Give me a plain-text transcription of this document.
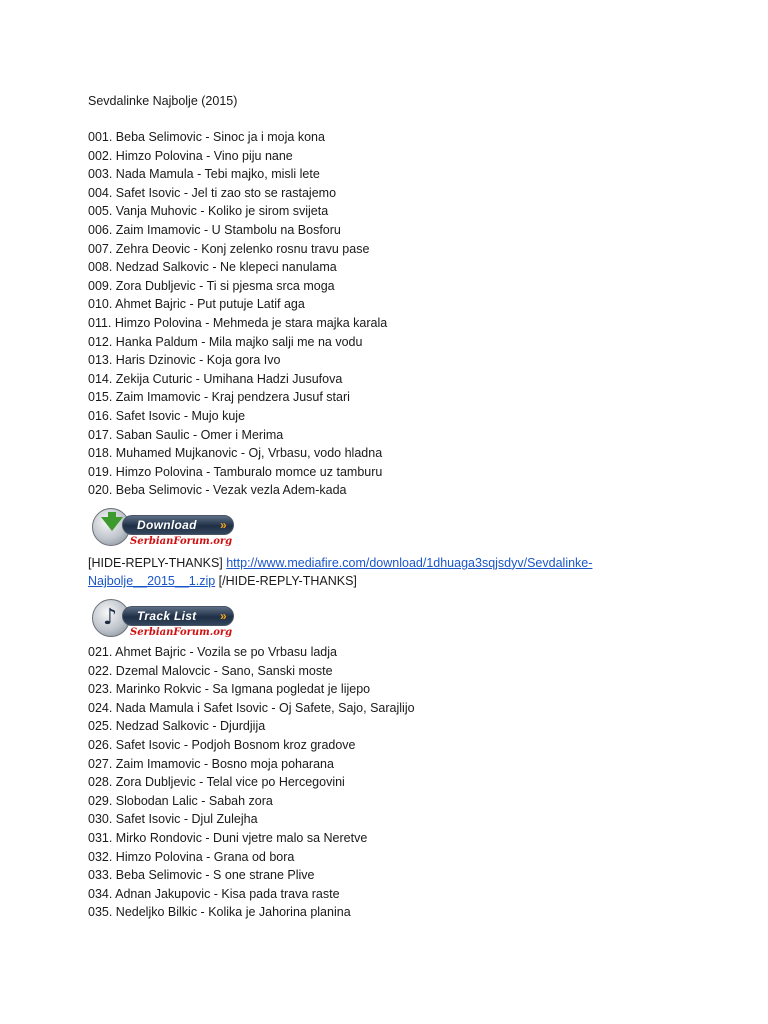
Sevdalinke Najbolje (2015)
001. Beba Selimovic - Sinoc ja i moja kona
002. Himzo Polovina - Vino piju nane
003. Nada Mamula - Tebi majko, misli lete
004. Safet Isovic - Jel ti zao sto se rastajemo
005. Vanja Muhovic - Koliko je sirom svijeta
006. Zaim Imamovic - U Stambolu na Bosforu
007. Zehra Deovic - Konj zelenko rosnu travu pase
008. Nedzad Salkovic - Ne klepeci nanulama
009. Zora Dubljevic - Ti si pjesma srca moga
010. Ahmet Bajric - Put putuje Latif aga
011. Himzo Polovina - Mehmeda je stara majka karala
012. Hanka Paldum - Mila majko salji me na vodu
013. Haris Dzinovic - Koja gora Ivo
014. Zekija Cuturic - Umihana Hadzi Jusufova
015. Zaim Imamovic - Kraj pendzera Jusuf stari
016. Safet Isovic - Mujo kuje
017. Saban Saulic - Omer i Merima
018. Muhamed Mujkanovic - Oj, Vrbasu, vodo hladna
019. Himzo Polovina - Tamburalo momce uz tamburu
020. Beba Selimovic - Vezak vezla Adem-kada
Download »
SerbianForum.org
[HIDE-REPLY-THANKS] http://www.mediafire.com/download/1dhuaga3sqjsdyv/Sevdalinke-Najbolje__2015__1.zip [/HIDE-REPLY-THANKS]
♪	Track List »
SerbianForum.org
021. Ahmet Bajric - Vozila se po Vrbasu ladja
022. Dzemal Malovcic - Sano, Sanski moste
023. Marinko Rokvic - Sa Igmana pogledat je lijepo
024. Nada Mamula i Safet Isovic - Oj Safete, Sajo, Sarajlijo
025. Nedzad Salkovic - Djurdjija
026. Safet Isovic - Podjoh Bosnom kroz gradove
027. Zaim Imamovic - Bosno moja poharana
028. Zora Dubljevic - Telal vice po Hercegovini
029. Slobodan Lalic - Sabah zora
030. Safet Isovic - Djul Zulejha
031. Mirko Rondovic - Duni vjetre malo sa Neretve
032. Himzo Polovina - Grana od bora
033. Beba Selimovic - S one strane Plive
034. Adnan Jakupovic - Kisa pada trava raste
035. Nedeljko Bilkic - Kolika je Jahorina planina
